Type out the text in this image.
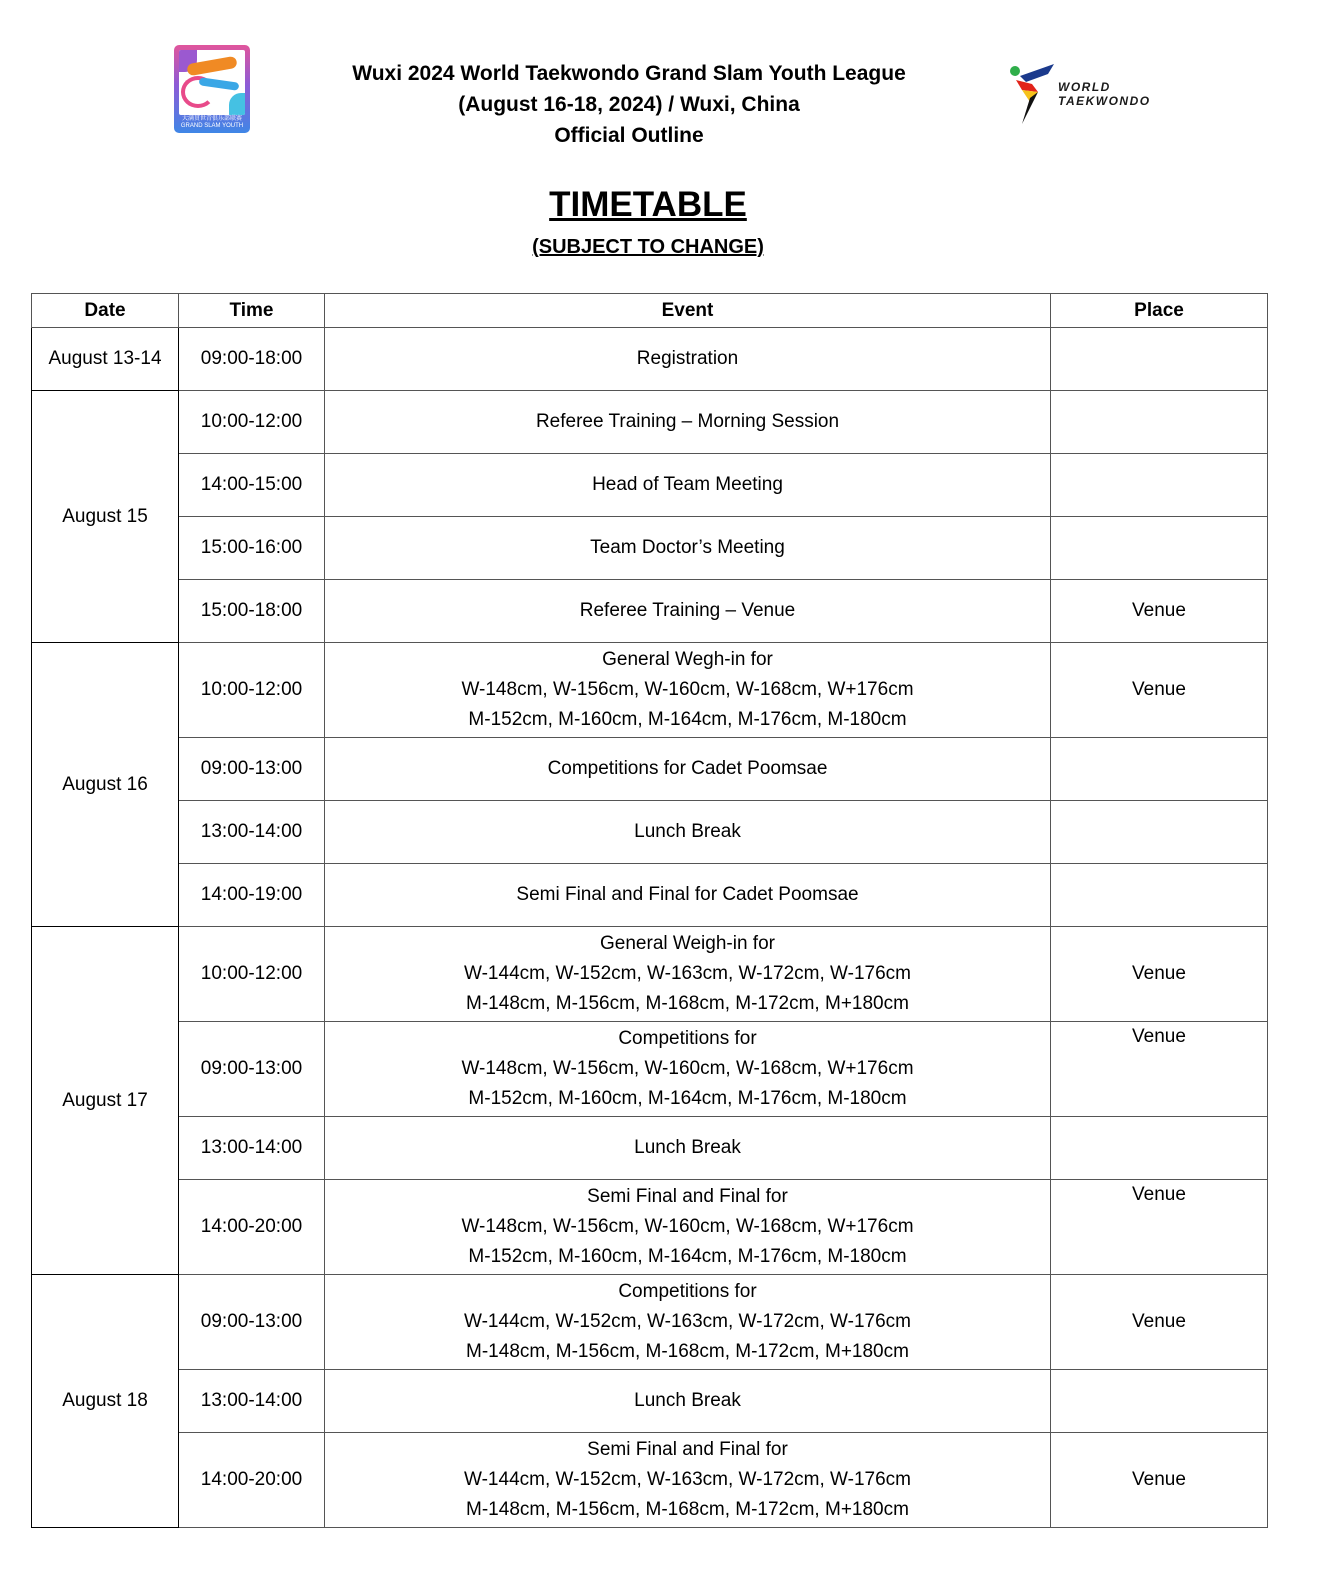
大满贯世青俱乐部联赛
GRAND SLAM YOUTH
Wuxi 2024 World Taekwondo Grand Slam Youth League
(August 16-18, 2024) / Wuxi, China
Official Outline
WORLD
TAEKWONDO
TIMETABLE
(SUBJECT TO CHANGE)
Date	Time	Event	Place
August 13-14	09:00-18:00	Registration	

August 15	10:00-12:00	Referee Training – Morning Session	

	14:00-15:00	Head of Team Meeting	

	15:00-16:00	Team Doctor’s Meeting	

	15:00-18:00	Referee Training – Venue	Venue
August 16	10:00-12:00	General Wegh-in for
W-148cm, W-156cm, W-160cm, W-168cm, W+176cm
M-152cm, M-160cm, M-164cm, M-176cm, M-180cm	Venue
	09:00-13:00	Competitions for Cadet Poomsae	

	13:00-14:00	Lunch Break	

	14:00-19:00	Semi Final and Final for Cadet Poomsae	

August 17	10:00-12:00	General Weigh-in for
W-144cm, W-152cm, W-163cm, W-172cm, W-176cm
M-148cm, M-156cm, M-168cm, M-172cm, M+180cm	Venue
	09:00-13:00	Competitions for
W-148cm, W-156cm, W-160cm, W-168cm, W+176cm
M-152cm, M-160cm, M-164cm, M-176cm, M-180cm	Venue
	13:00-14:00	Lunch Break	

	14:00-20:00	Semi Final and Final for
W-148cm, W-156cm, W-160cm, W-168cm, W+176cm
M-152cm, M-160cm, M-164cm, M-176cm, M-180cm	Venue
August 18	09:00-13:00	Competitions for
W-144cm, W-152cm, W-163cm, W-172cm, W-176cm
M-148cm, M-156cm, M-168cm, M-172cm, M+180cm	Venue
	13:00-14:00	Lunch Break	

	14:00-20:00	Semi Final and Final for
W-144cm, W-152cm, W-163cm, W-172cm, W-176cm
M-148cm, M-156cm, M-168cm, M-172cm, M+180cm	Venue
